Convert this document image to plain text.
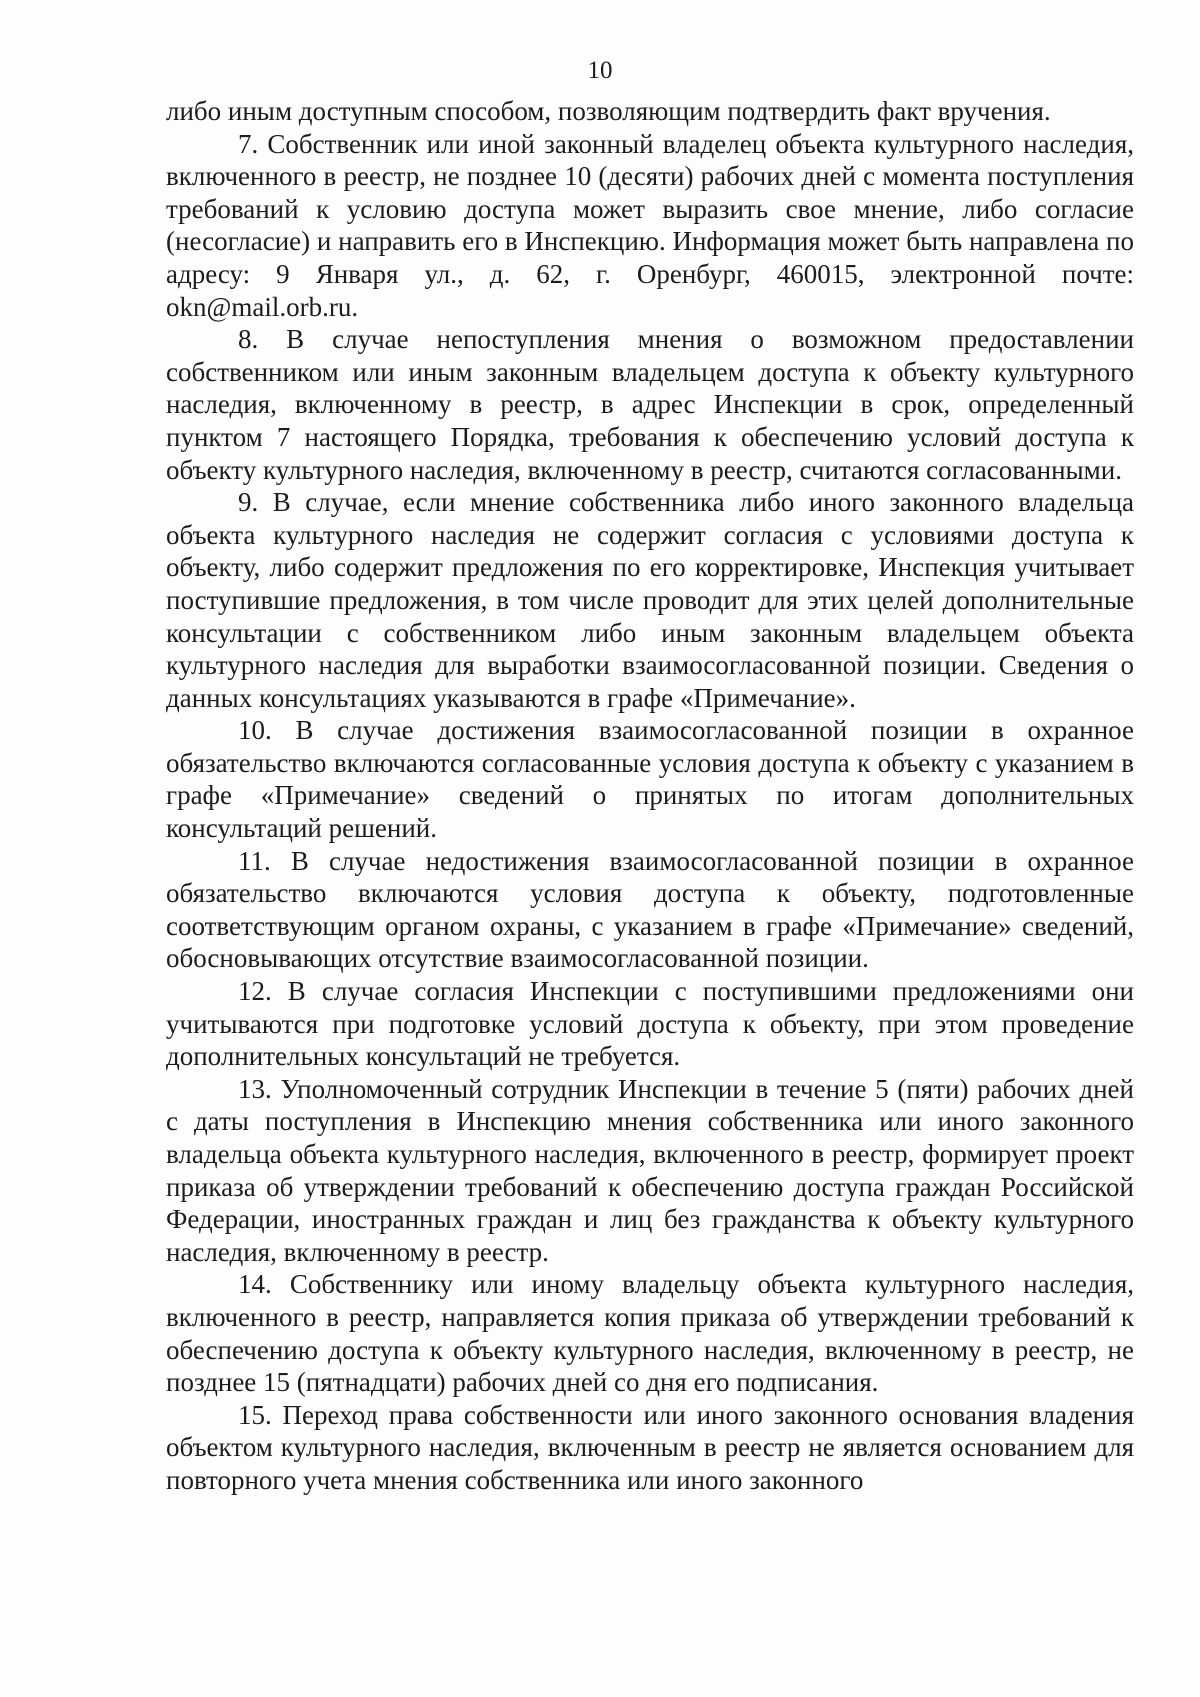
10

либо иным доступным способом, позволяющим подтвердить факт вручения.

7. Собственник или иной законный владелец объекта культурного наследия, включенного в реестр, не позднее 10 (десяти) рабочих дней с момента поступления требований к условию доступа может выразить свое мнение, либо согласие (несогласие) и направить его в Инспекцию. Информация может быть направлена по адресу: 9 Января ул., д. 62, г. Оренбург, 460015, электронной почте: okn@mail.orb.ru.

8. В случае непоступления мнения о возможном предоставлении собственником или иным законным владельцем доступа к объекту культурного наследия, включенному в реестр, в адрес Инспекции в срок, определенный пунктом 7 настоящего Порядка, требования к обеспечению условий доступа к объекту культурного наследия, включенному в реестр, считаются согласованными.

9. В случае, если мнение собственника либо иного законного владельца объекта культурного наследия не содержит согласия с условиями доступа к объекту, либо содержит предложения по его корректировке, Инспекция учитывает поступившие предложения, в том числе проводит для этих целей дополнительные консультации с собственником либо иным законным владельцем объекта культурного наследия для выработки взаимосогласованной позиции. Сведения о данных консультациях указываются в графе «Примечание».

10. В случае достижения взаимосогласованной позиции в охранное обязательство включаются согласованные условия доступа к объекту с указанием в графе «Примечание» сведений о принятых по итогам дополнительных консультаций решений.

11. В случае недостижения взаимосогласованной позиции в охранное обязательство включаются условия доступа к объекту, подготовленные соответствующим органом охраны, с указанием в графе «Примечание» сведений, обосновывающих отсутствие взаимосогласованной позиции.

12. В случае согласия Инспекции с поступившими предложениями они учитываются при подготовке условий доступа к объекту, при этом проведение дополнительных консультаций не требуется.

13. Уполномоченный сотрудник Инспекции в течение 5 (пяти) рабочих дней с даты поступления в Инспекцию мнения собственника или иного законного владельца объекта культурного наследия, включенного в реестр, формирует проект приказа об утверждении требований к обеспечению доступа граждан Российской Федерации, иностранных граждан и лиц без гражданства к объекту культурного наследия, включенному в реестр.

14. Собственнику или иному владельцу объекта культурного наследия, включенного в реестр, направляется копия приказа об утверждении требований к обеспечению доступа к объекту культурного наследия, включенному в реестр, не позднее 15 (пятнадцати) рабочих дней со дня его подписания.

15. Переход права собственности или иного законного основания владения объектом культурного наследия, включенным в реестр не является основанием для повторного учета мнения собственника или иного законного
